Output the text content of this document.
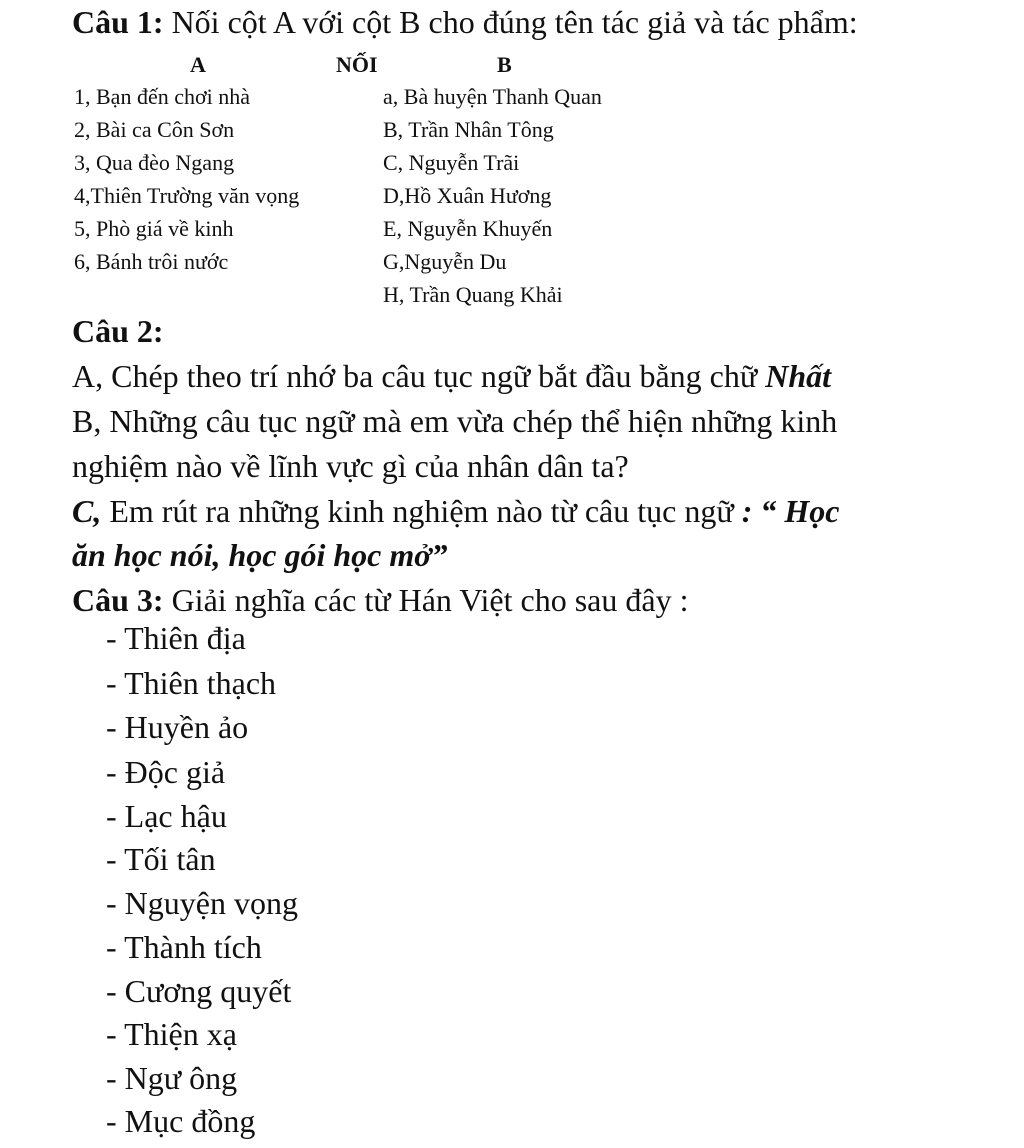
Câu 1: Nối cột A với cột B cho đúng tên tác giả và tác phẩm:
A	NỐI	B
1, Bạn đến chơi nhà
2, Bài ca Côn Sơn
3, Qua đèo Ngang
4,Thiên Trường văn vọng
5, Phò giá về kinh
6, Bánh trôi nước
a, Bà huyện Thanh Quan
B, Trần Nhân Tông
C, Nguyễn Trãi
D,Hồ Xuân Hương
E, Nguyễn Khuyến
G,Nguyễn Du
H, Trần Quang Khải
Câu 2:
A, Chép theo trí nhớ ba câu tục ngữ bắt đầu bằng chữ Nhất
B, Những câu tục ngữ mà em vừa chép thể hiện những kinh
nghiệm nào về lĩnh vực gì của nhân dân ta?
C, Em rút ra những kinh nghiệm nào từ câu tục ngữ : “ Học
ăn học nói, học gói học mở”
Câu 3: Giải nghĩa các từ Hán Việt cho sau đây :
- Thiên địa
- Thiên thạch
- Huyền ảo
- Độc giả
- Lạc hậu
- Tối tân
- Nguyện vọng
- Thành tích
- Cương quyết
- Thiện xạ
- Ngư ông
- Mục đồng
